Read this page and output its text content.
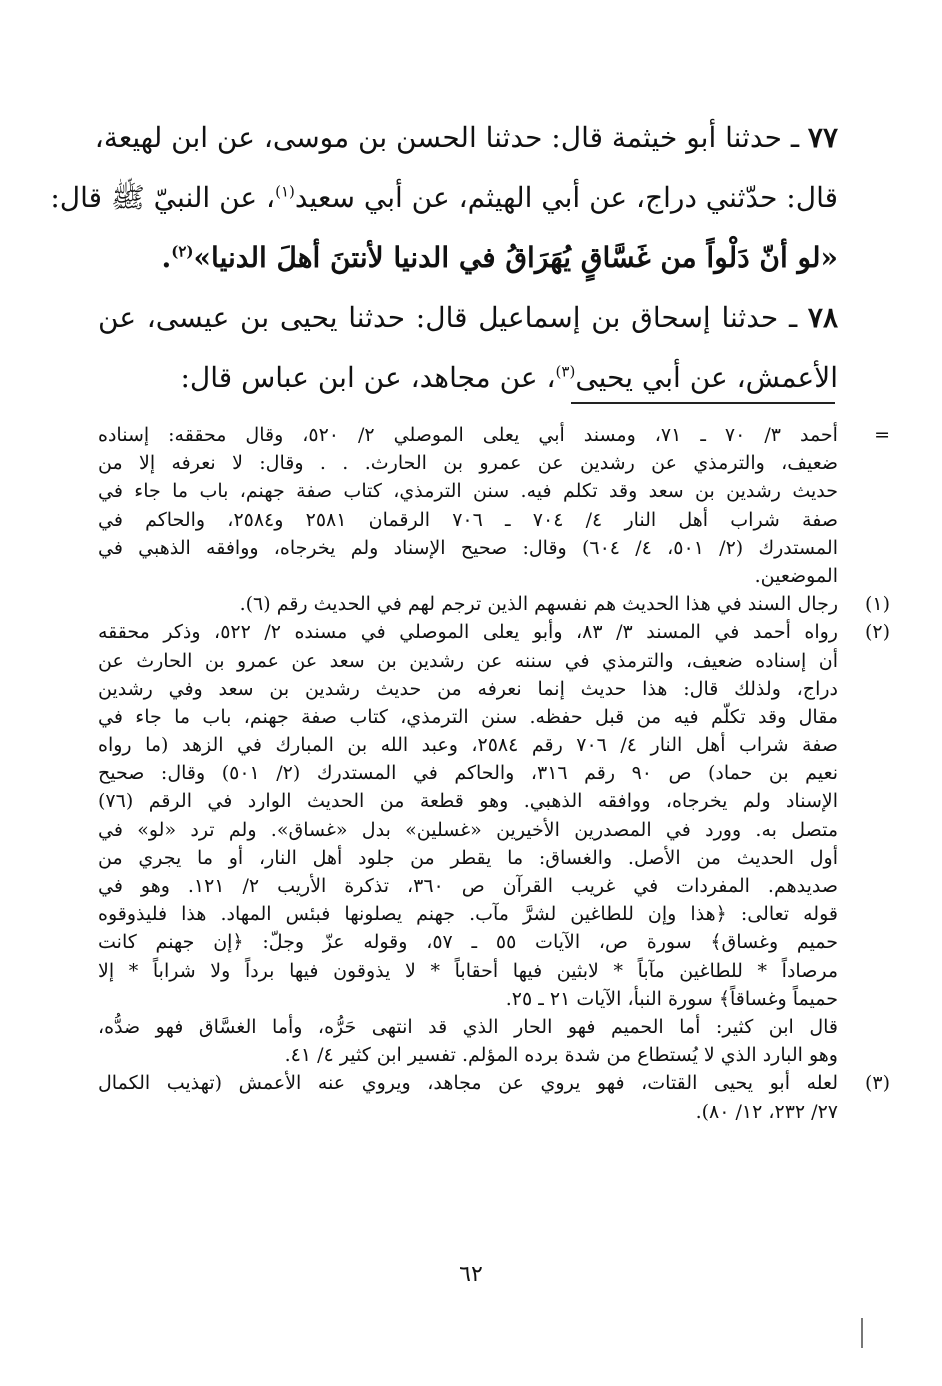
٧٧ ـ حدثنا أبو خيثمة قال: حدثنا الحسن بن موسى، عن ابن لهيعة،
قال: حدّثني دراج، عن أبي الهيثم، عن أبي سعيد$^{(١)}$، عن النبيّ ﷺ قال:
«لو أنّ دَلْواً من غَسَّاقٍ يُهَرَاقُ في الدنيا لأنتنَ أهلَ الدنيا»$^{(٢)}$.
٧٨ ـ حدثنا إسحاق بن إسماعيل قال: حدثنا يحيى بن عيسى، عن
الأعمش، عن أبي يحيى$^{(٣)}$، عن مجاهد، عن ابن عباس قال:
=
أحمد ٣/ ٧٠ ـ ٧١، ومسند أبي يعلى الموصلي ٢/ ٥٢٠، وقال محققه: إسناده
ضعيف، والترمذي عن رشدين عن عمرو بن الحارث. . . وقال: لا نعرفه إلا من
حديث رشدين بن سعد وقد تكلم فيه. سنن الترمذي، كتاب صفة جهنم، باب ما جاء في
صفة شراب أهل النار ٤/ ٧٠٤ ـ ٧٠٦ الرقمان ٢٥٨١ و٢٥٨٤، والحاكم في
المستدرك (٢/ ٥٠١، ٤/ ٦٠٤) وقال: صحيح الإسناد ولم يخرجاه، ووافقه الذهبي في
الموضعين.
(١)
رجال السند في هذا الحديث هم نفسهم الذين ترجم لهم في الحديث رقم (٦).
(٢)
رواه أحمد في المسند ٣/ ٨٣، وأبو يعلى الموصلي في مسنده ٢/ ٥٢٢، وذكر محققه
أن إسناده ضعيف، والترمذي في سننه عن رشدين بن سعد عن عمرو بن الحارث عن
دراج، ولذلك قال: هذا حديث إنما نعرفه من حديث رشدين بن سعد وفي رشدين
مقال وقد تكلّم فيه من قبل حفظه. سنن الترمذي، كتاب صفة جهنم، باب ما جاء في
صفة شراب أهل النار ٤/ ٧٠٦ رقم ٢٥٨٤، وعبد الله بن المبارك في الزهد (ما رواه
نعيم بن حماد) ص ٩٠ رقم ٣١٦، والحاكم في المستدرك (٢/ ٥٠١) وقال: صحيح
الإسناد ولم يخرجاه، ووافقه الذهبي. وهو قطعة من الحديث الوارد في الرقم (٧٦)
متصل به. وورد في المصدرين الأخيرين «غسلين» بدل «غساق». ولم ترد «لو» في
أول الحديث من الأصل. والغساق: ما يقطر من جلود أهل النار، أو ما يجري من
صديدهم. المفردات في غريب القرآن ص ٣٦٠، تذكرة الأريب ٢/ ١٢١. وهو في
قوله تعالى: ﴿هذا وإن للطاغين لشرَّ مآب. جهنم يصلونها فبئس المهاد. هذا فليذوقوه
حميم وغساق﴾ سورة ص، الآيات ٥٥ ـ ٥٧، وقوله عزّ وجلّ: ﴿إن جهنم كانت
مرصاداً * للطاغين مآباً * لابثين فيها أحقاباً * لا يذوقون فيها برداً ولا شراباً * إلا
حميماً وغساقاً﴾ سورة النبأ، الآيات ٢١ ـ ٢٥.
قال ابن كثير: أما الحميم فهو الحار الذي قد انتهى حَرُّه، وأما الغسَّاق فهو ضدُّه،
وهو البارد الذي لا يُستطاع من شدة برده المؤلم. تفسير ابن كثير ٤/ ٤١.
(٣)
لعله أبو يحيى القتات، فهو يروي عن مجاهد، ويروي عنه الأعمش (تهذيب الكمال
٢٧/ ٢٣٢، ١٢/ ٨٠).
٦٢
